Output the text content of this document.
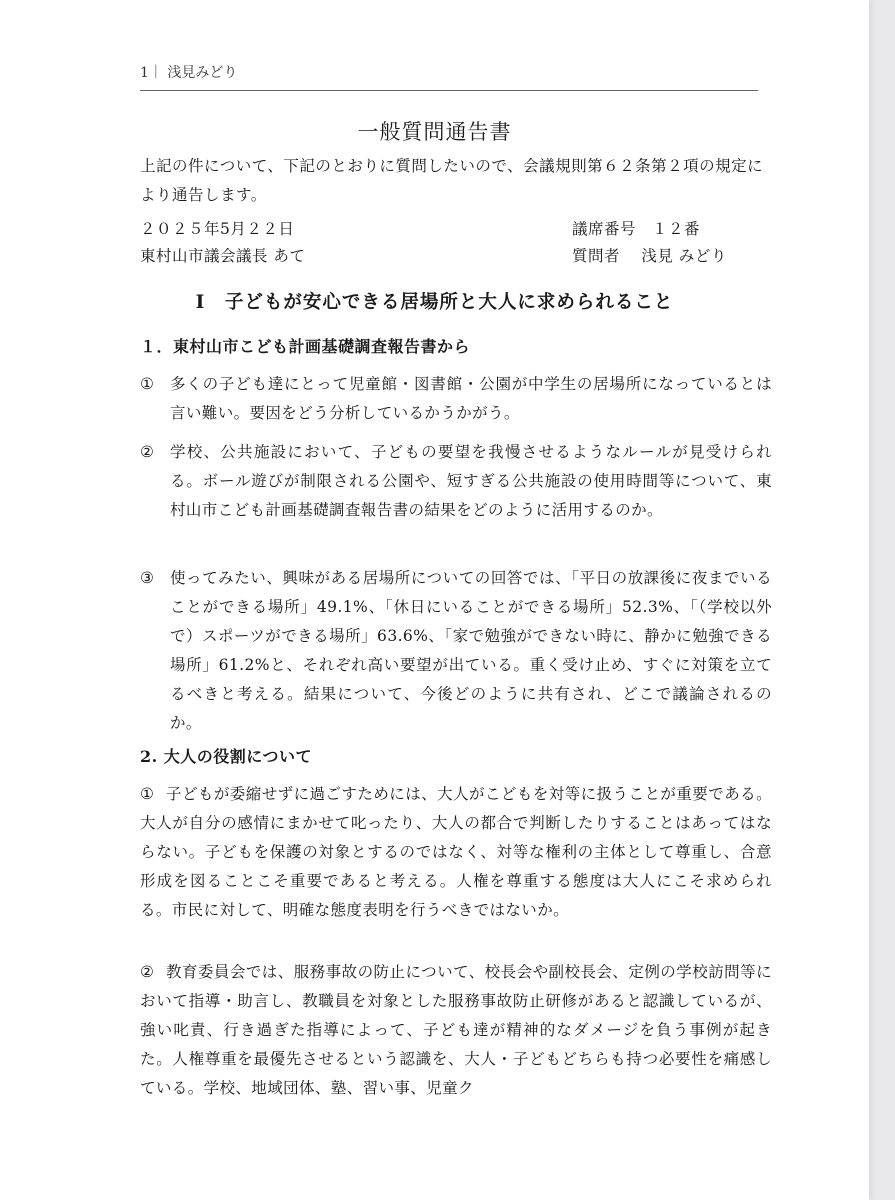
1｜ 浅見みどり
一般質問通告書
上記の件について、下記のとおりに質問したいので、会議規則第６２条第２項の規定により通告します。
２０２５年5月２２日
東村山市議会議長 あて
議席番号　１２番
質問者　 浅見 みどり
Ⅰ　子どもが安心できる居場所と大人に求められること
１．東村山市こども計画基礎調査報告書から
① 多くの子ども達にとって児童館・図書館・公園が中学生の居場所になっているとは言い難い。要因をどう分析しているかうかがう。
② 学校、公共施設において、子どもの要望を我慢させるようなルールが見受けられる。ボール遊びが制限される公園や、短すぎる公共施設の使用時間等について、東村山市こども計画基礎調査報告書の結果をどのように活用するのか。
③ 使ってみたい、興味がある居場所についての回答では、「平日の放課後に夜までいることができる場所」49.1%、「休日にいることができる場所」52.3%、「（学校以外で）スポーツができる場所」63.6%、「家で勉強ができない時に、静かに勉強できる場所」61.2%と、それぞれ高い要望が出ている。重く受け止め、すぐに対策を立てるべきと考える。結果について、今後どのように共有され、どこで議論されるのか。
2. 大人の役割について
① 子どもが委縮せずに過ごすためには、大人がこどもを対等に扱うことが重要である。大人が自分の感情にまかせて叱ったり、大人の都合で判断したりすることはあってはならない。子どもを保護の対象とするのではなく、対等な権利の主体として尊重し、合意形成を図ることこそ重要であると考える。人権を尊重する態度は大人にこそ求められる。市民に対して、明確な態度表明を行うべきではないか。
② 教育委員会では、服務事故の防止について、校長会や副校長会、定例の学校訪問等において指導・助言し、教職員を対象とした服務事故防止研修があると認識しているが、強い叱責、行き過ぎた指導によって、子ども達が精神的なダメージを負う事例が起きた。人権尊重を最優先させるという認識を、大人・子どもどちらも持つ必要性を痛感している。学校、地域団体、塾、習い事、児童ク
